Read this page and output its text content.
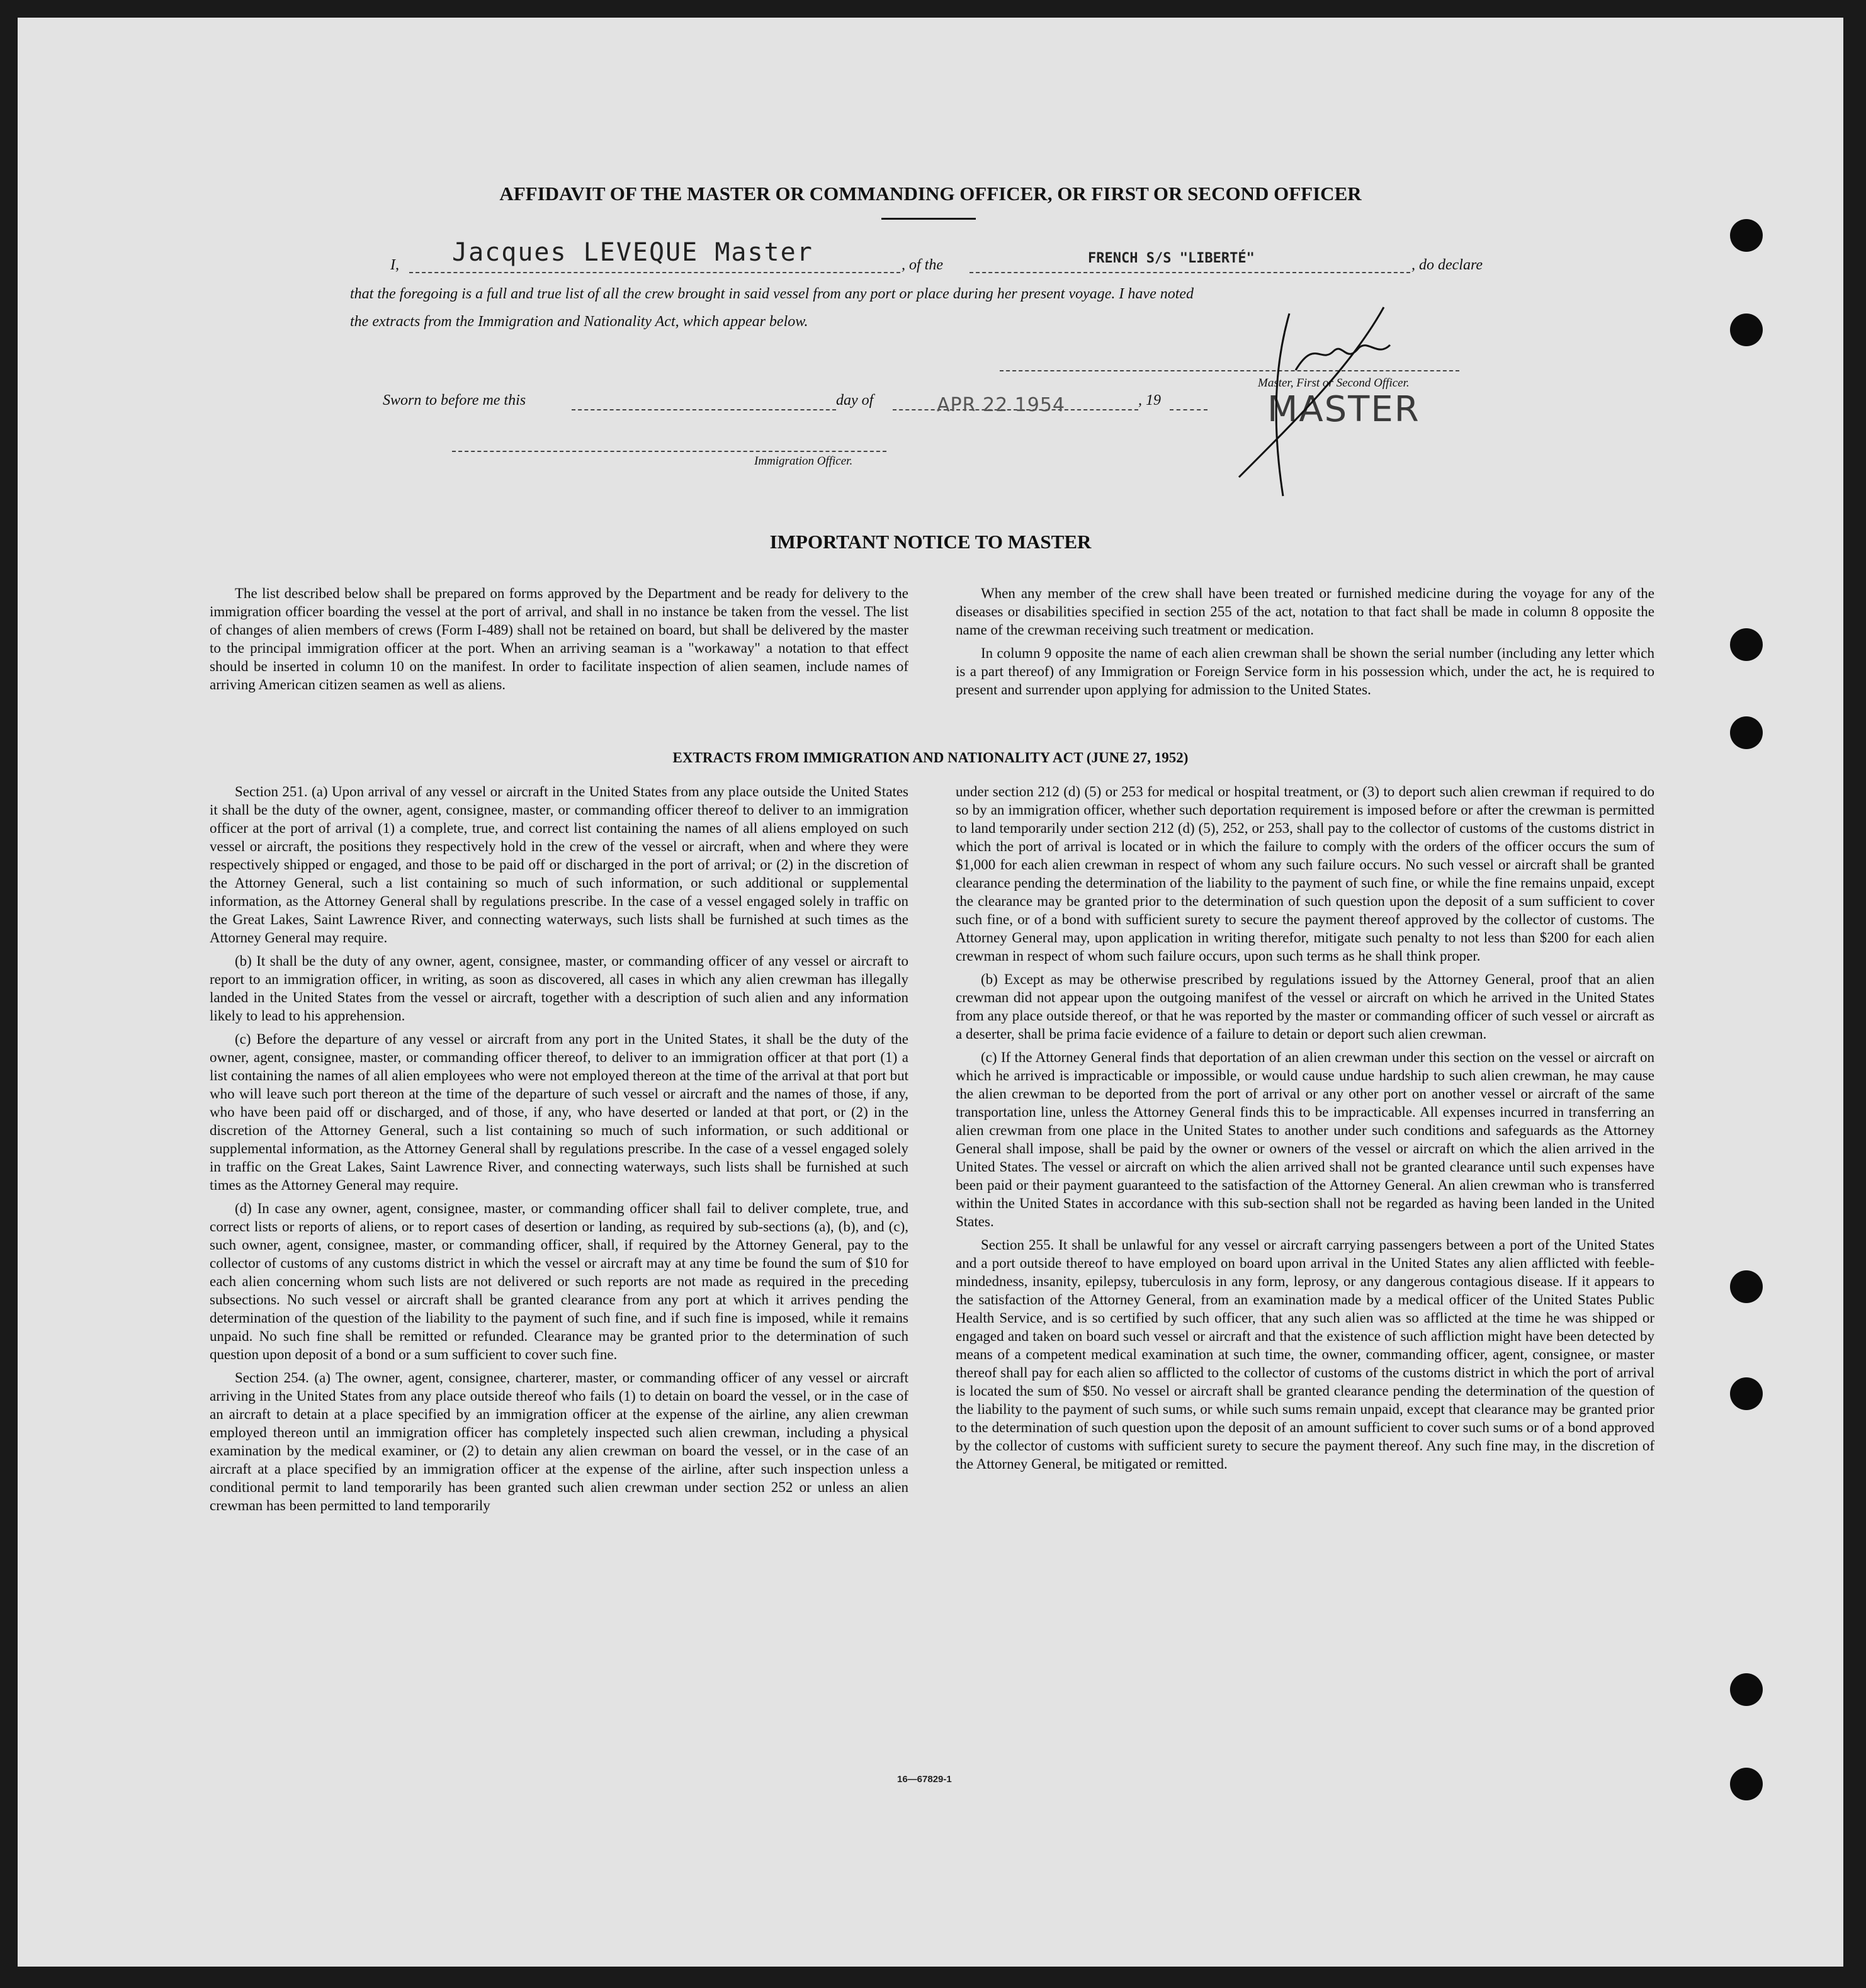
AFFIDAVIT OF THE MASTER OR COMMANDING OFFICER, OR FIRST OR SECOND OFFICER
I, Jacques LEVEQUE Master	, of the	FRENCH S/S "LIBERTÉ"	, do declare
that the foregoing is a full and true list of all the crew brought in said vessel from any port or place during her present voyage. I have noted
the extracts from the Immigration and Nationality Act, which appear below.
Master, First or Second Officer.
MASTER
Sworn to before me this	day of	APR 22 1954	, 19
Immigration Officer.
IMPORTANT NOTICE TO MASTER

The list described below shall be prepared on forms approved by the Department and be ready for delivery to the immigration officer boarding the vessel at the port of arrival, and shall in no instance be taken from the vessel. The list of changes of alien members of crews (Form I-489) shall not be retained on board, but shall be delivered by the master to the principal immigration officer at the port. When an arriving seaman is a "workaway" a notation to that effect should be inserted in column 10 on the manifest. In order to facilitate inspection of alien seamen, include names of arriving American citizen seamen as well as aliens.

When any member of the crew shall have been treated or furnished medicine during the voyage for any of the diseases or disabilities specified in section 255 of the act, notation to that fact shall be made in column 8 opposite the name of the crewman receiving such treatment or medication.

In column 9 opposite the name of each alien crewman shall be shown the serial number (including any letter which is a part thereof) of any Immigration or Foreign Service form in his possession which, under the act, he is required to present and surrender upon applying for admission to the United States.

EXTRACTS FROM IMMIGRATION AND NATIONALITY ACT (JUNE 27, 1952)

Section 251. (a) Upon arrival of any vessel or aircraft in the United States from any place outside the United States it shall be the duty of the owner, agent, consignee, master, or commanding officer thereof to deliver to an immigration officer at the port of arrival (1) a complete, true, and correct list containing the names of all aliens employed on such vessel or aircraft, the positions they respectively hold in the crew of the vessel or aircraft, when and where they were respectively shipped or engaged, and those to be paid off or discharged in the port of arrival; or (2) in the discretion of the Attorney General, such a list containing so much of such information, or such additional or supplemental information, as the Attorney General shall by regulations prescribe. In the case of a vessel engaged solely in traffic on the Great Lakes, Saint Lawrence River, and connecting waterways, such lists shall be furnished at such times as the Attorney General may require.

(b) It shall be the duty of any owner, agent, consignee, master, or commanding officer of any vessel or aircraft to report to an immigration officer, in writing, as soon as discovered, all cases in which any alien crewman has illegally landed in the United States from the vessel or aircraft, together with a description of such alien and any information likely to lead to his apprehension.

(c) Before the departure of any vessel or aircraft from any port in the United States, it shall be the duty of the owner, agent, consignee, master, or commanding officer thereof, to deliver to an immigration officer at that port (1) a list containing the names of all alien employees who were not employed thereon at the time of the arrival at that port but who will leave such port thereon at the time of the departure of such vessel or aircraft and the names of those, if any, who have been paid off or discharged, and of those, if any, who have deserted or landed at that port, or (2) in the discretion of the Attorney General, such a list containing so much of such information, or such additional or supplemental information, as the Attorney General shall by regulations prescribe. In the case of a vessel engaged solely in traffic on the Great Lakes, Saint Lawrence River, and connecting waterways, such lists shall be furnished at such times as the Attorney General may require.

(d) In case any owner, agent, consignee, master, or commanding officer shall fail to deliver complete, true, and correct lists or reports of aliens, or to report cases of desertion or landing, as required by sub-sections (a), (b), and (c), such owner, agent, consignee, master, or commanding officer, shall, if required by the Attorney General, pay to the collector of customs of any customs district in which the vessel or aircraft may at any time be found the sum of $10 for each alien concerning whom such lists are not delivered or such reports are not made as required in the preceding subsections. No such vessel or aircraft shall be granted clearance from any port at which it arrives pending the determination of the question of the liability to the payment of such fine, and if such fine is imposed, while it remains unpaid. No such fine shall be remitted or refunded. Clearance may be granted prior to the determination of such question upon deposit of a bond or a sum sufficient to cover such fine.

Section 254. (a) The owner, agent, consignee, charterer, master, or commanding officer of any vessel or aircraft arriving in the United States from any place outside thereof who fails (1) to detain on board the vessel, or in the case of an aircraft to detain at a place specified by an immigration officer at the expense of the airline, any alien crewman employed thereon until an immigration officer has completely inspected such alien crewman, including a physical examination by the medical examiner, or (2) to detain any alien crewman on board the vessel, or in the case of an aircraft at a place specified by an immigration officer at the expense of the airline, after such inspection unless a conditional permit to land temporarily has been granted such alien crewman under section 252 or unless an alien crewman has been permitted to land temporarily

under section 212 (d) (5) or 253 for medical or hospital treatment, or (3) to deport such alien crewman if required to do so by an immigration officer, whether such deportation requirement is imposed before or after the crewman is permitted to land temporarily under section 212 (d) (5), 252, or 253, shall pay to the collector of customs of the customs district in which the port of arrival is located or in which the failure to comply with the orders of the officer occurs the sum of $1,000 for each alien crewman in respect of whom any such failure occurs. No such vessel or aircraft shall be granted clearance pending the determination of the liability to the payment of such fine, or while the fine remains unpaid, except the clearance may be granted prior to the determination of such question upon the deposit of a sum sufficient to cover such fine, or of a bond with sufficient surety to secure the payment thereof approved by the collector of customs. The Attorney General may, upon application in writing therefor, mitigate such penalty to not less than $200 for each alien crewman in respect of whom such failure occurs, upon such terms as he shall think proper.

(b) Except as may be otherwise prescribed by regulations issued by the Attorney General, proof that an alien crewman did not appear upon the outgoing manifest of the vessel or aircraft on which he arrived in the United States from any place outside thereof, or that he was reported by the master or commanding officer of such vessel or aircraft as a deserter, shall be prima facie evidence of a failure to detain or deport such alien crewman.

(c) If the Attorney General finds that deportation of an alien crewman under this section on the vessel or aircraft on which he arrived is impracticable or impossible, or would cause undue hardship to such alien crewman, he may cause the alien crewman to be deported from the port of arrival or any other port on another vessel or aircraft of the same transportation line, unless the Attorney General finds this to be impracticable. All expenses incurred in transferring an alien crewman from one place in the United States to another under such conditions and safeguards as the Attorney General shall impose, shall be paid by the owner or owners of the vessel or aircraft on which the alien arrived in the United States. The vessel or aircraft on which the alien arrived shall not be granted clearance until such expenses have been paid or their payment guaranteed to the satisfaction of the Attorney General. An alien crewman who is transferred within the United States in accordance with this sub-section shall not be regarded as having been landed in the United States.

Section 255. It shall be unlawful for any vessel or aircraft carrying passengers between a port of the United States and a port outside thereof to have employed on board upon arrival in the United States any alien afflicted with feeble-mindedness, insanity, epilepsy, tuberculosis in any form, leprosy, or any dangerous contagious disease. If it appears to the satisfaction of the Attorney General, from an examination made by a medical officer of the United States Public Health Service, and is so certified by such officer, that any such alien was so afflicted at the time he was shipped or engaged and taken on board such vessel or aircraft and that the existence of such affliction might have been detected by means of a competent medical examination at such time, the owner, commanding officer, agent, consignee, or master thereof shall pay for each alien so afflicted to the collector of customs of the customs district in which the port of arrival is located the sum of $50. No vessel or aircraft shall be granted clearance pending the determination of the question of the liability to the payment of such sums, or while such sums remain unpaid, except that clearance may be granted prior to the determination of such question upon the deposit of an amount sufficient to cover such sums or of a bond approved by the collector of customs with sufficient surety to secure the payment thereof. Any such fine may, in the discretion of the Attorney General, be mitigated or remitted.

16—67829-1
